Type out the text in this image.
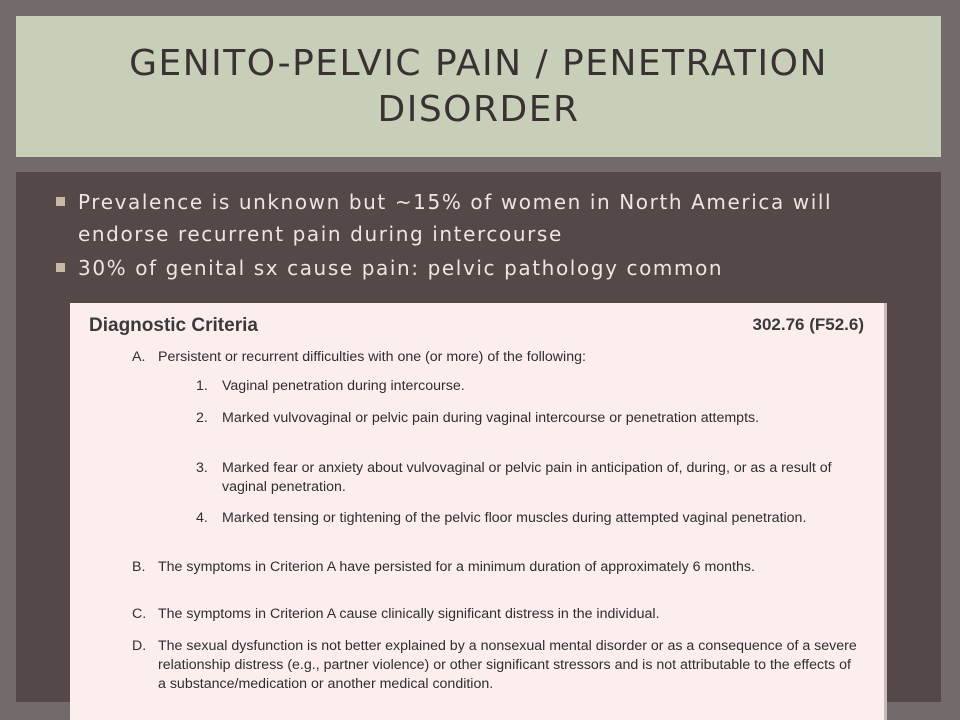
GENITO-PELVIC PAIN / PENETRATION DISORDER
Prevalence is unknown but ~15% of women in North America will endorse recurrent pain during intercourse
30% of genital sx cause pain: pelvic pathology common
Diagnostic Criteria	302.76 (F52.6)
A. Persistent or recurrent difficulties with one (or more) of the following:
1. Vaginal penetration during intercourse.
2. Marked vulvovaginal or pelvic pain during vaginal intercourse or penetration attempts.
3. Marked fear or anxiety about vulvovaginal or pelvic pain in anticipation of, during, or as a result of vaginal penetration.
4. Marked tensing or tightening of the pelvic floor muscles during attempted vaginal penetration.
B. The symptoms in Criterion A have persisted for a minimum duration of approximately 6 months.
C. The symptoms in Criterion A cause clinically significant distress in the individual.
D. The sexual dysfunction is not better explained by a nonsexual mental disorder or as a consequence of a severe relationship distress (e.g., partner violence) or other significant stressors and is not attributable to the effects of a substance/medication or another medical condition.
